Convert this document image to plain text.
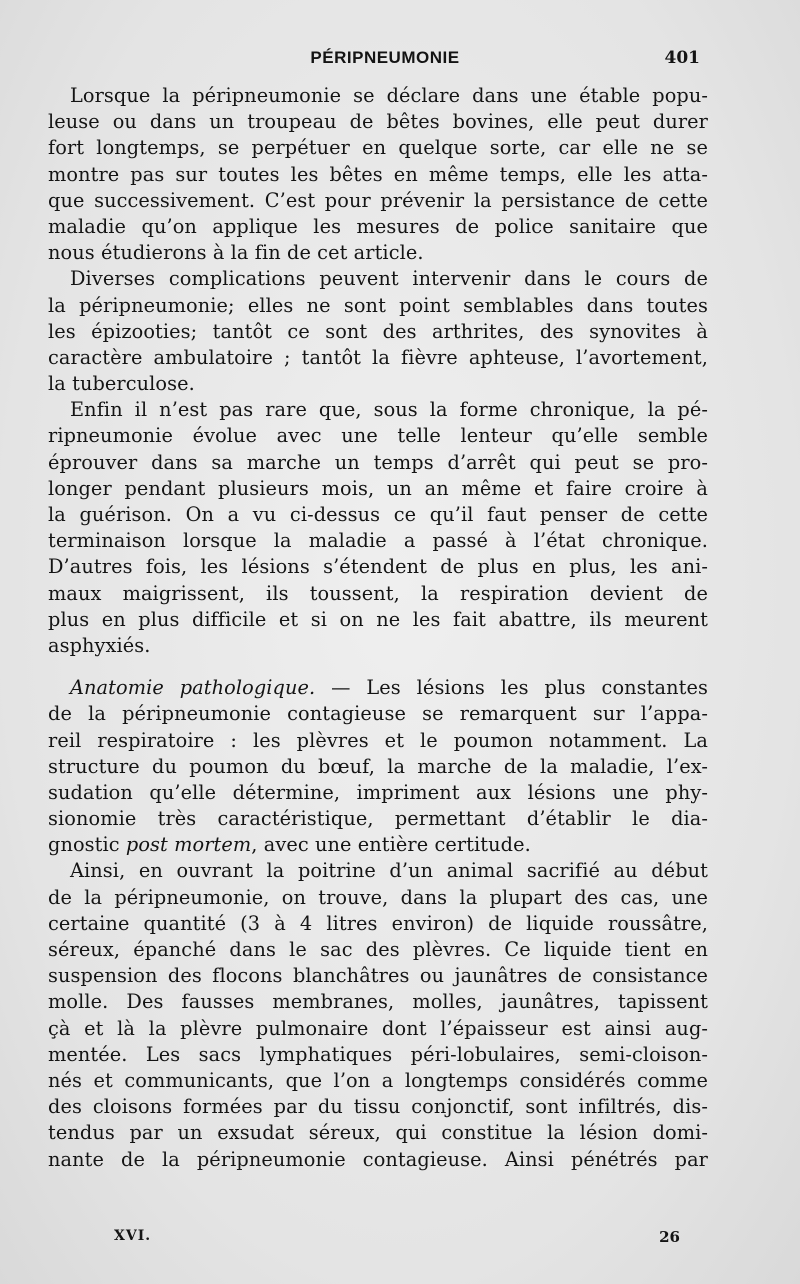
PÉRIPNEUMONIE	401
Lorsque la péripneumonie se déclare dans une étable popu-
leuse ou dans un troupeau de bêtes bovines, elle peut durer
fort longtemps, se perpétuer en quelque sorte, car elle ne se
montre pas sur toutes les bêtes en même temps, elle les atta-
que successivement. C’est pour prévenir la persistance de cette
maladie qu’on applique les mesures de police sanitaire que
nous étudierons à la fin de cet article.
Diverses complications peuvent intervenir dans le cours de
la péripneumonie; elles ne sont point semblables dans toutes
les épizooties; tantôt ce sont des arthrites, des synovites à
caractère ambulatoire ; tantôt la fièvre aphteuse, l’avortement,
la tuberculose.
Enfin il n’est pas rare que, sous la forme chronique, la pé-
ripneumonie évolue avec une telle lenteur qu’elle semble
éprouver dans sa marche un temps d’arrêt qui peut se pro-
longer pendant plusieurs mois, un an même et faire croire à
la guérison. On a vu ci-dessus ce qu’il faut penser de cette
terminaison lorsque la maladie a passé à l’état chronique.
D’autres fois, les lésions s’étendent de plus en plus, les ani-
maux maigrissent, ils toussent, la respiration devient de
plus en plus difficile et si on ne les fait abattre, ils meurent
asphyxiés.
Anatomie pathologique. — Les lésions les plus constantes
de la péripneumonie contagieuse se remarquent sur l’appa-
reil respiratoire : les plèvres et le poumon notamment. La
structure du poumon du bœuf, la marche de la maladie, l’ex-
sudation qu’elle détermine, impriment aux lésions une phy-
sionomie très caractéristique, permettant d’établir le dia-
gnostic post mortem, avec une entière certitude.
Ainsi, en ouvrant la poitrine d’un animal sacrifié au début
de la péripneumonie, on trouve, dans la plupart des cas, une
certaine quantité (3 à 4 litres environ) de liquide roussâtre,
séreux, épanché dans le sac des plèvres. Ce liquide tient en
suspension des flocons blanchâtres ou jaunâtres de consistance
molle. Des fausses membranes, molles, jaunâtres, tapissent
çà et là la plèvre pulmonaire dont l’épaisseur est ainsi aug-
mentée. Les sacs lymphatiques péri-lobulaires, semi-cloison-
nés et communicants, que l’on a longtemps considérés comme
des cloisons formées par du tissu conjonctif, sont infiltrés, dis-
tendus par un exsudat séreux, qui constitue la lésion domi-
nante de la péripneumonie contagieuse. Ainsi pénétrés par
XVI.	26
